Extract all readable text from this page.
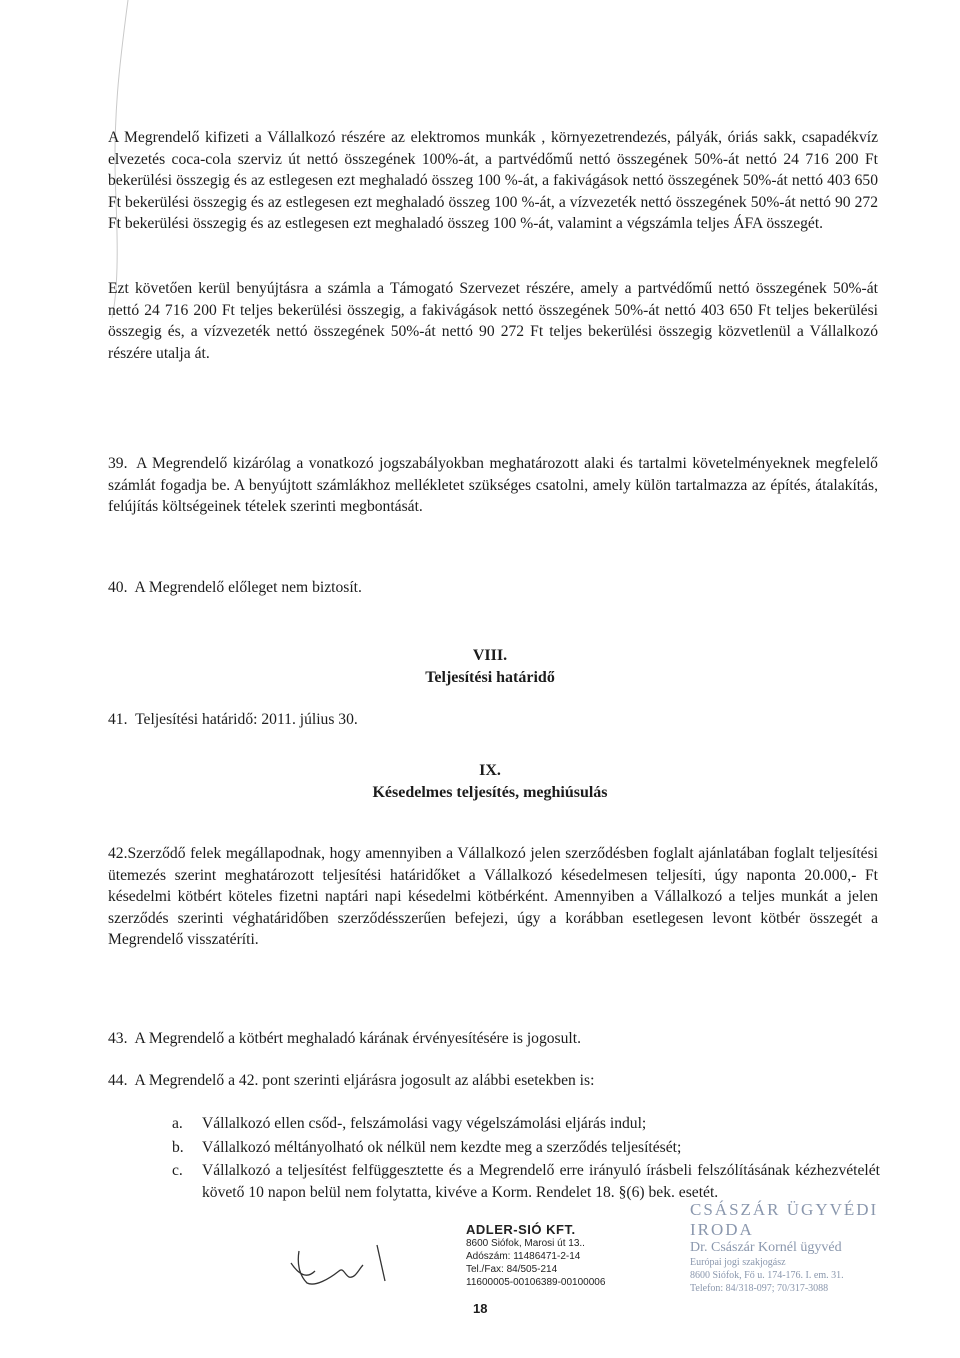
A Megrendelő kifizeti a Vállalkozó részére az elektromos munkák , környezetrendezés, pályák, óriás sakk, csapadékvíz elvezetés coca-cola szerviz út nettó összegének 100%-át, a partvédőmű nettó összegének 50%-át nettó 24 716 200 Ft bekerülési összegig és az estlegesen ezt meghaladó összeg 100 %-át, a fakivágások nettó összegének 50%-át nettó 403 650 Ft bekerülési összegig és az estlegesen ezt meghaladó összeg 100 %-át, a vízvezeték nettó összegének 50%-át nettó 90 272 Ft bekerülési összegig és az estlegesen ezt meghaladó összeg 100 %-át, valamint a végszámla teljes ÁFA összegét.

Ezt követően kerül benyújtásra a számla a Támogató Szervezet részére, amely a partvédőmű nettó összegének 50%-át nettó 24 716 200 Ft teljes bekerülési összegig, a fakivágások nettó összegének 50%-át nettó 403 650 Ft teljes bekerülési összegig és, a vízvezeték nettó összegének 50%-át nettó 90 272 Ft teljes bekerülési összegig közvetlenül a Vállalkozó részére utalja át.

39. A Megrendelő kizárólag a vonatkozó jogszabályokban meghatározott alaki és tartalmi követelményeknek megfelelő számlát fogadja be. A benyújtott számlákhoz mellékletet szükséges csatolni, amely külön tartalmazza az építés, átalakítás, felújítás költségeinek tételek szerinti megbontását.
40. A Megrendelő előleget nem biztosít.
VIII.
Teljesítési határidő
41. Teljesítési határidő: 2011. július 30.
IX.
Késedelmes teljesítés, meghiúsulás
42.Szerződő felek megállapodnak, hogy amennyiben a Vállalkozó jelen szerződésben foglalt ajánlatában foglalt teljesítési ütemezés szerint meghatározott teljesítési határidőket a Vállalkozó késedelmesen teljesíti, úgy naponta 20.000,- Ft késedelmi kötbért köteles fizetni naptári napi késedelmi kötbérként. Amennyiben a Vállalkozó a teljes munkát a jelen szerződés szerinti véghatáridőben szerződésszerűen befejezi, úgy a korábban esetlegesen levont kötbér összegét a Megrendelő visszatéríti.
43. A Megrendelő a kötbért meghaladó kárának érvényesítésére is jogosult.
44. A Megrendelő a 42. pont szerinti eljárásra jogosult az alábbi esetekben is:
a. Vállalkozó ellen csőd-, felszámolási vagy végelszámolási eljárás indul;
b. Vállalkozó méltányolható ok nélkül nem kezdte meg a szerződés teljesítését;
c. Vállalkozó a teljesítést felfüggesztette és a Megrendelő erre irányuló írásbeli felszólításának kézhezvételét követő 10 napon belül nem folytatta, kivéve a Korm. Rendelet 18. §(6) bek. esetét.
ADLER-SIÓ KFT.
8600 Siófok, Marosi út 13..
Adószám: 11486471-2-14
Tel./Fax: 84/505-214
11600005-00106389-00100006
18
CSÁSZÁR ÜGYVÉDI IRODA
Dr. Császár Kornél ügyvéd
Európai jogi szakjogász
8600 Siófok, Fő u. 174-176. I. em. 31.
Telefon: 84/318-097; 70/317-3088
